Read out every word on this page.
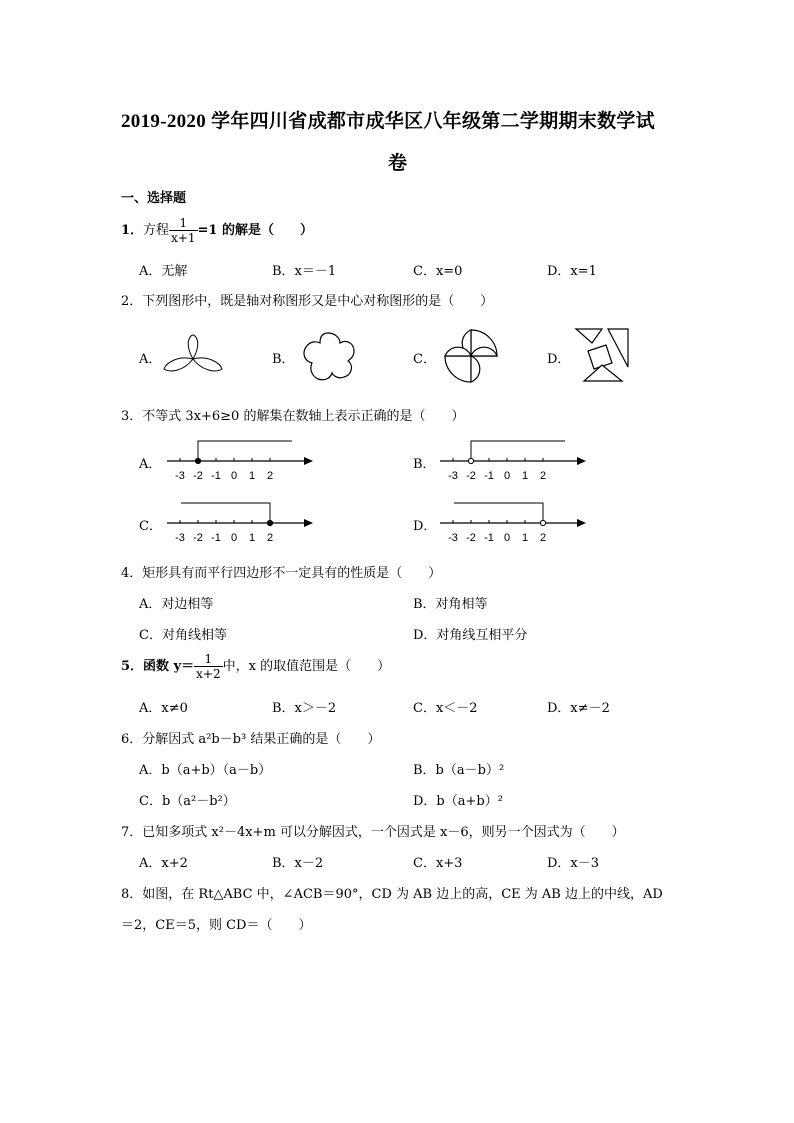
2019-2020 学年四川省成都市成华区八年级第二学期期末数学试
卷
一、选择题
1．方程 $\frac{1}{x+1} =1$ 的解是（　　）
A．无解	B．x＝－1	C．x=0	D．x=1
2．下列图形中，既是轴对称图形又是中心对称图形的是（　　）
A．	B．	C．	D．
3．不等式 3x+6≥0 的解集在数轴上表示正确的是（　　）
A．	B．
C．	D．
-3 -2 -1 0 1 2	-3 -2 -1 0 1 2
-3 -2 -1 0 1 2	-3 -2 -1 0 1 2
4．矩形具有而平行四边形不一定具有的性质是（　　）
A．对边相等	B．对角相等
C．对角线相等	D．对角线互相平分
5．函数 $y= \frac{1}{x+2}$ 中，x 的取值范围是（　　）
A．x≠0	B．x＞－2	C．x＜－2	D．x≠－2
6．分解因式 a²b－b³ 结果正确的是（　　）
A．b（a+b）（a－b）	B．b（a－b）²
C．b（a²－b²）	D．b（a+b）²
7．已知多项式 x²－4x+m 可以分解因式，一个因式是 x－6，则另一个因式为（　　）
A．x+2	B．x－2	C．x+3	D．x－3
8．如图，在 Rt△ABC 中，∠ACB＝90°，CD 为 AB 边上的高，CE 为 AB 边上的中线，AD
＝2，CE＝5，则 CD＝（　　）
